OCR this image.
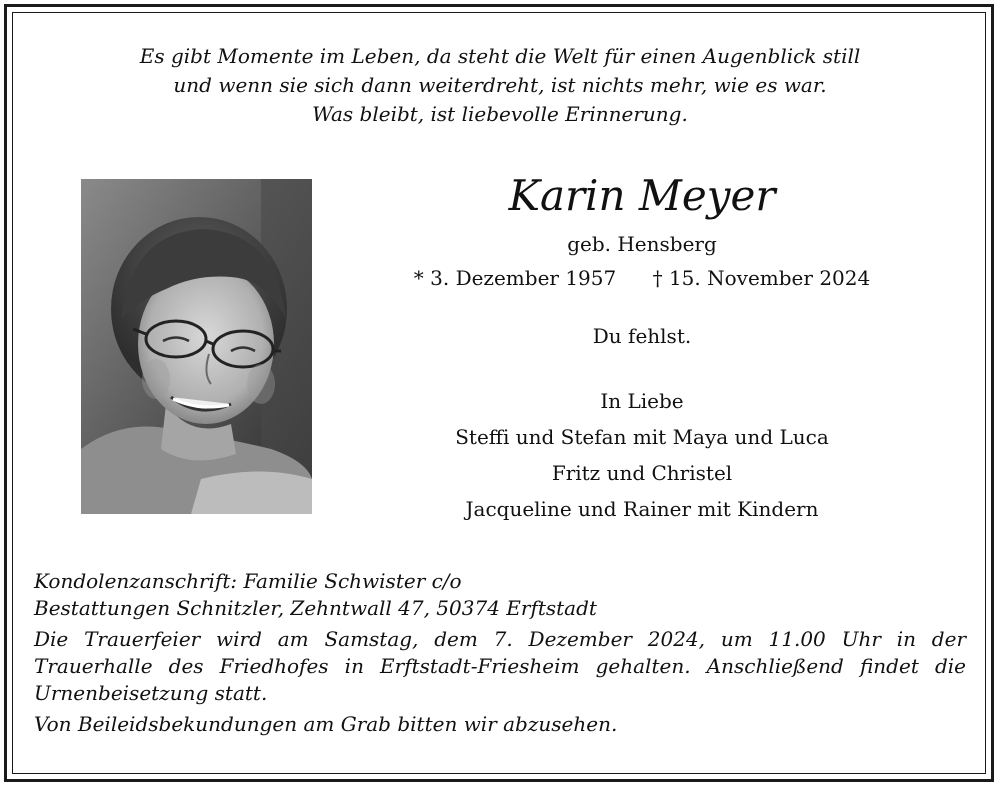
Es gibt Momente im Leben, da steht die Welt für einen Augenblick still
und wenn sie sich dann weiterdreht, ist nichts mehr, wie es war.
Was bleibt, ist liebevolle Erinnerung.
Karin Meyer
geb. Hensberg
* 3. Dezember 1957 † 15. November 2024
Du fehlst.
In Liebe
Steffi und Stefan mit Maya und Luca
Fritz und Christel
Jacqueline und Rainer mit Kindern
Kondolenzanschrift: Familie Schwister c/o
Bestattungen Schnitzler, Zehntwall 47, 50374 Erftstadt
Die Trauerfeier wird am Samstag, dem 7. Dezember 2024, um 11.00 Uhr in der Trauerhalle des Friedhofes in Erftstadt-Friesheim gehalten. Anschließend findet die Urnenbeisetzung statt.
Von Beileidsbekundungen am Grab bitten wir abzusehen.
